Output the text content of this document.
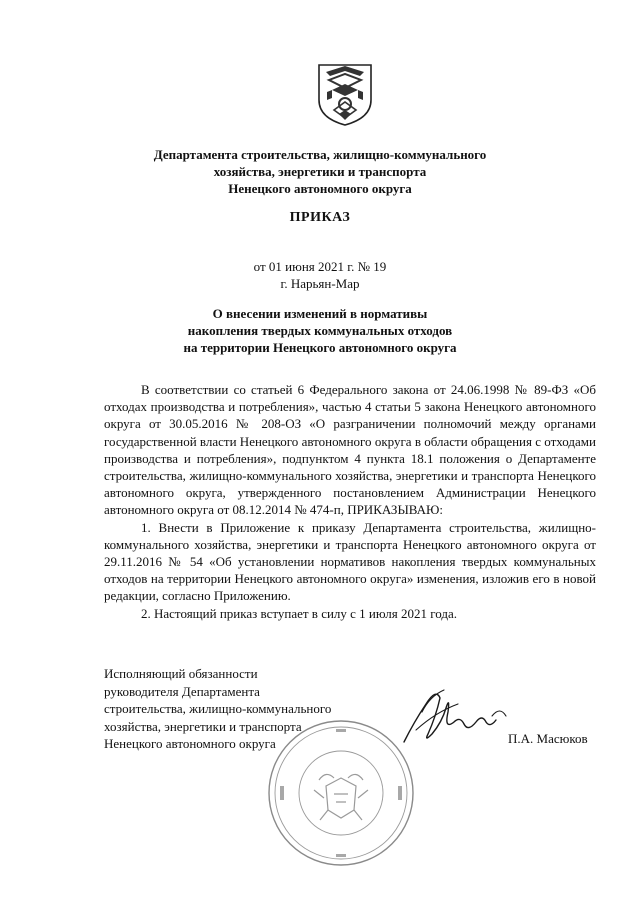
Департамента строительства, жилищно-коммунального
хозяйства, энергетики и транспорта
Ненецкого автономного округа
ПРИКАЗ
от 01 июня 2021 г. № 19
г. Нарьян-Мар
О внесении изменений в нормативы
накопления твердых коммунальных отходов
на территории Ненецкого автономного округа

В соответствии со статьей 6 Федерального закона от 24.06.1998 № 89-ФЗ «Об отходах производства и потребления», частью 4 статьи 5 закона Ненецкого автономного округа от 30.05.2016 № 208-ОЗ «О разграничении полномочий между органами государственной власти Ненецкого автономного округа в области обращения с отходами производства и потребления», подпунктом 4 пункта 18.1 положения о Департаменте строительства, жилищно-коммунального хозяйства, энергетики и транспорта Ненецкого автономного округа, утвержденного постановлением Администрации Ненецкого автономного округа от 08.12.2014 № 474-п, ПРИКАЗЫВАЮ:

1. Внести в Приложение к приказу Департамента строительства, жилищно-коммунального хозяйства, энергетики и транспорта Ненецкого автономного округа от 29.11.2016 № 54 «Об установлении нормативов накопления твердых коммунальных отходов на территории Ненецкого автономного округа» изменения, изложив его в новой редакции, согласно Приложению.

2. Настоящий приказ вступает в силу с 1 июля 2021 года.

Исполняющий обязанности
руководителя Департамента
строительства, жилищно-коммунального
хозяйства, энергетики и транспорта
Ненецкого автономного округа	П.А. Масюков
